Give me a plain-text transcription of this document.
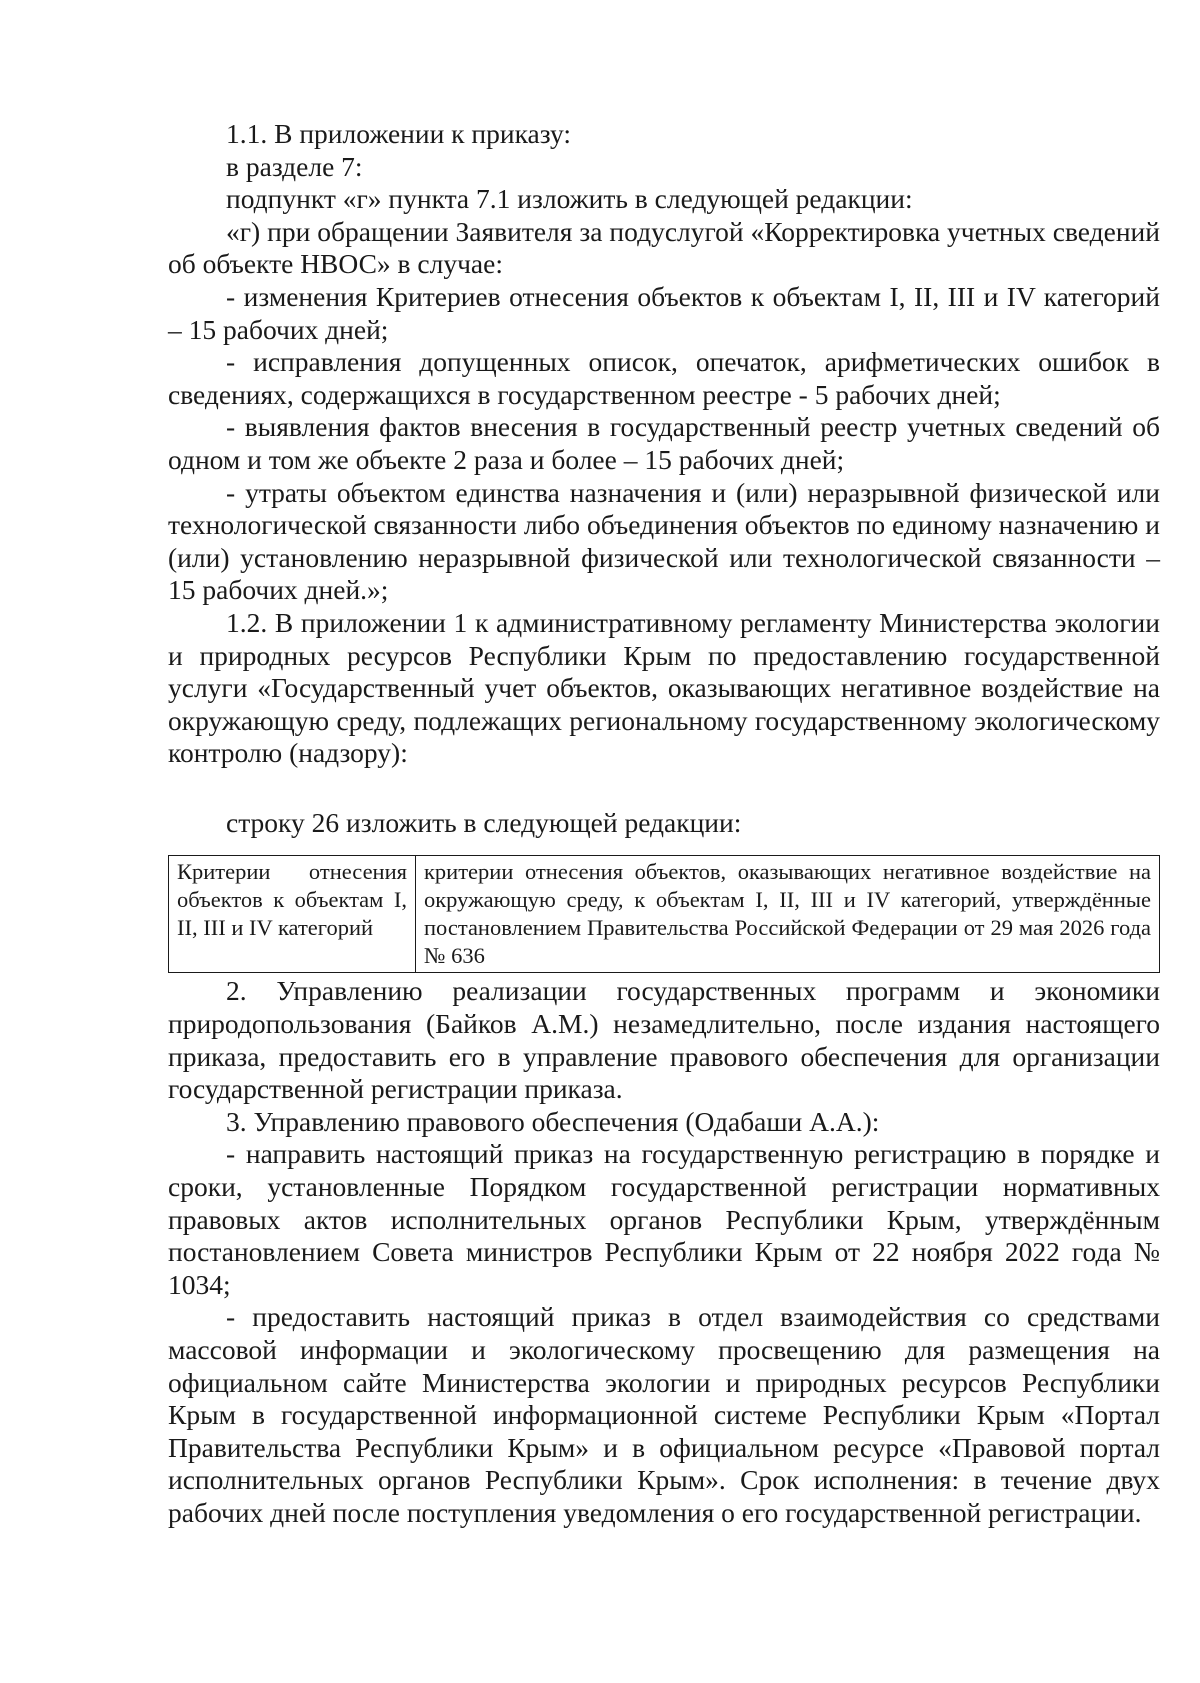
1.1. В приложении к приказу:

в разделе 7:

подпункт «г» пункта 7.1 изложить в следующей редакции:

«г) при обращении Заявителя за подуслугой «Корректировка учетных сведений об объекте НВОС» в случае:

- изменения Критериев отнесения объектов к объектам I, II, III и IV категорий – 15 рабочих дней;

- исправления допущенных описок, опечаток, арифметических ошибок в сведениях, содержащихся в государственном реестре - 5 рабочих дней;

- выявления фактов внесения в государственный реестр учетных сведений об одном и том же объекте 2 раза и более – 15 рабочих дней;

- утраты объектом единства назначения и (или) неразрывной физической или технологической связанности либо объединения объектов по единому назначению и (или) установлению неразрывной физической или технологической связанности – 15 рабочих дней.»;

1.2. В приложении 1 к административному регламенту Министерства экологии и природных ресурсов Республики Крым по предоставлению государственной услуги «Государственный учет объектов, оказывающих негативное воздействие на окружающую среду, подлежащих региональному государственному экологическому контролю (надзору):

строку 26 изложить в следующей редакции:

Критерии отнесения объектов к объектам I, II, III и IV категорий	критерии отнесения объектов, оказывающих негативное воздействие на окружающую среду, к объектам I, II, III и IV категорий, утверждённые постановлением Правительства Российской Федерации от 29 мая 2026 года № 636

2. Управлению реализации государственных программ и экономики природопользования (Байков А.М.) незамедлительно, после издания настоящего приказа, предоставить его в управление правового обеспечения для организации государственной регистрации приказа.

3. Управлению правового обеспечения (Одабаши А.А.):

- направить настоящий приказ на государственную регистрацию в порядке и сроки, установленные Порядком государственной регистрации нормативных правовых актов исполнительных органов Республики Крым, утверждённым постановлением Совета министров Республики Крым от 22 ноября 2022 года № 1034;

- предоставить настоящий приказ в отдел взаимодействия со средствами массовой информации и экологическому просвещению для размещения на официальном сайте Министерства экологии и природных ресурсов Республики Крым в государственной информационной системе Республики Крым «Портал Правительства Республики Крым» и в официальном ресурсе «Правовой портал исполнительных органов Республики Крым». Срок исполнения: в течение двух рабочих дней после поступления уведомления о его государственной регистрации.
